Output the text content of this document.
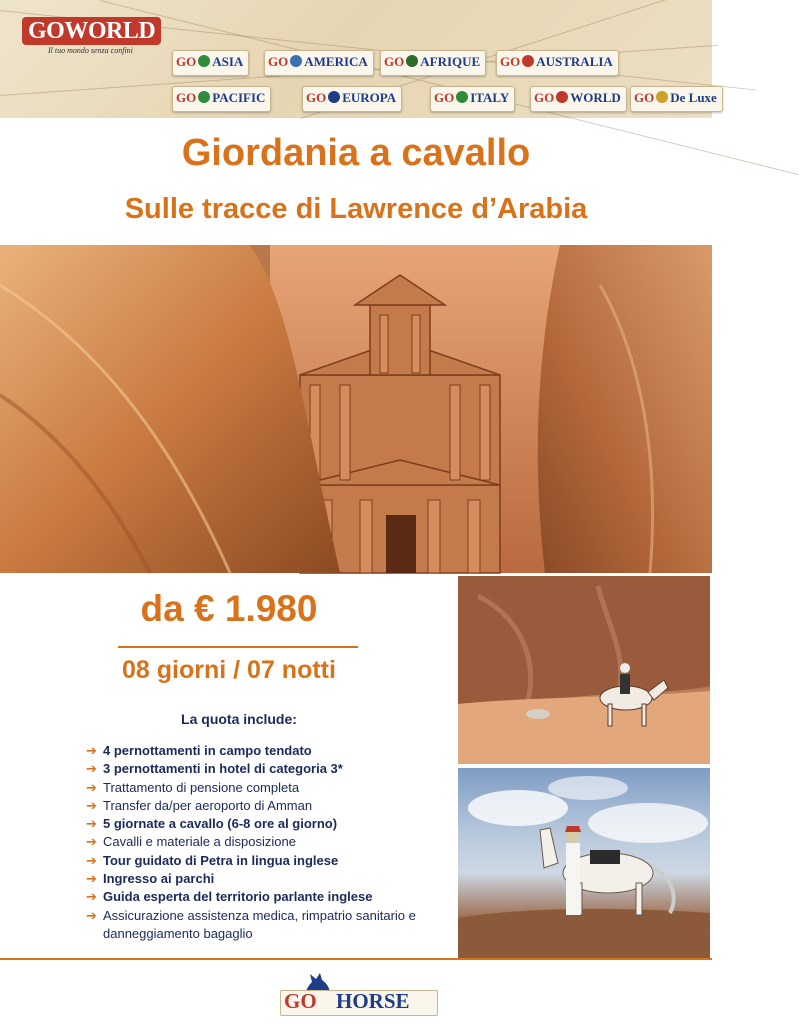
GOWORLD
Il tuo mondo senza confini
GO ASIA	GO AMERICA	GO AFRIQUE	GO AUSTRALIA
GO PACIFIC	GO EUROPA	GO ITALY	GO WORLD	GO De Luxe
Giordania a cavallo
Sulle tracce di Lawrence d’Arabia
da € 1.980
08 giorni / 07 notti
La quota include:
➔ 4 pernottamenti in campo tendato
➔ 3 pernottamenti in hotel di categoria 3*
➔ Trattamento di pensione completa
➔ Transfer da/per aeroporto di Amman
➔ 5 giornate a cavallo (6-8 ore al giorno)
➔ Cavalli e materiale a disposizione
➔ Tour guidato di Petra in lingua inglese
➔ Ingresso ai parchi
➔ Guida esperta del territorio parlante inglese
➔ Assicurazione assistenza medica, rimpatrio sanitario e danneggiamento bagaglio
GO HORSE
